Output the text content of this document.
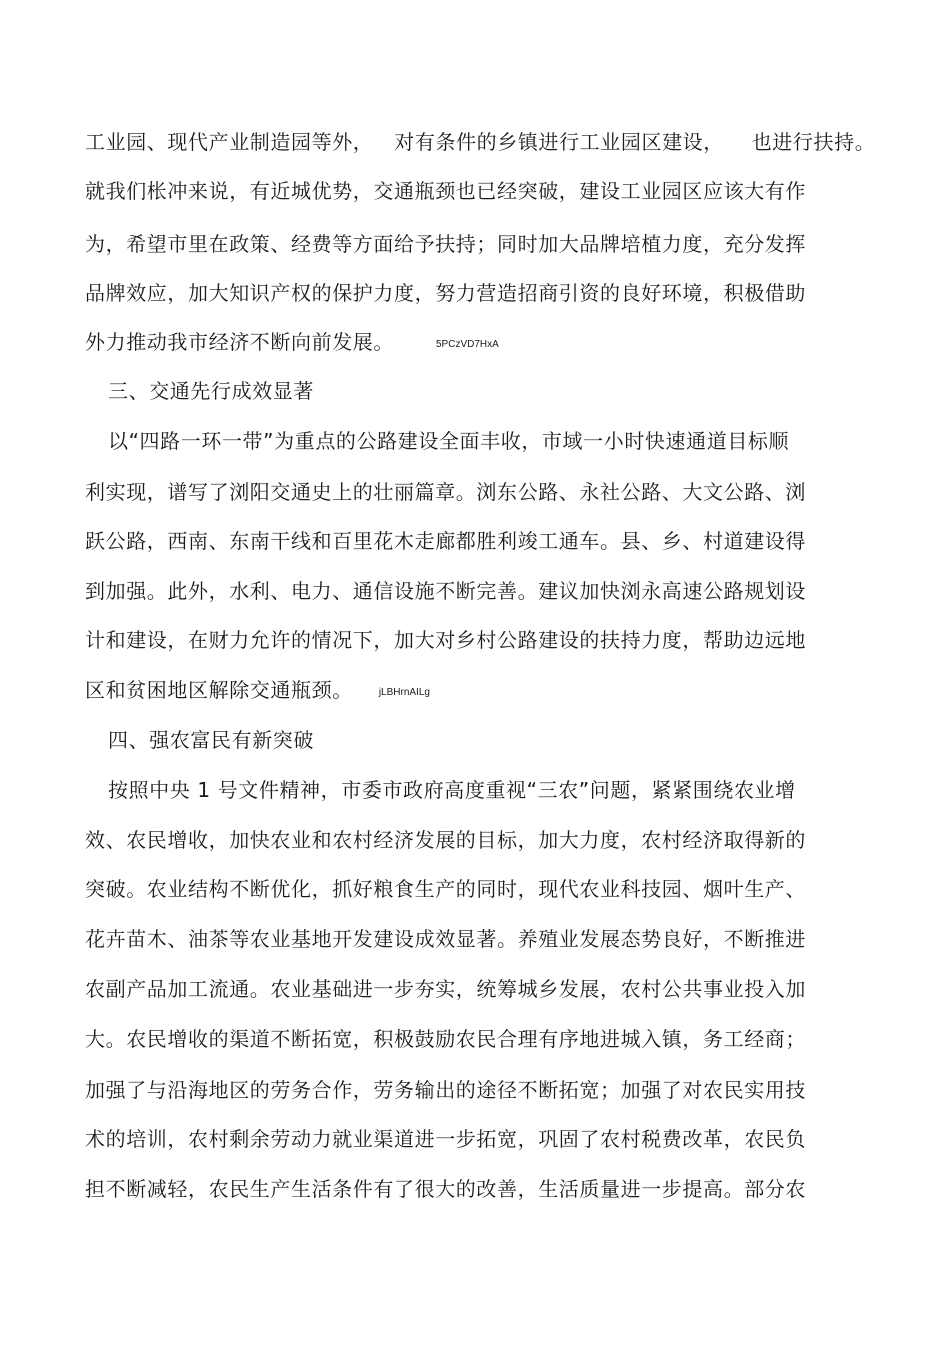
工业园、现代产业制造园等外，   对有条件的乡镇进行工业园区建设，    也进行扶持。
就我们枨冲来说，有近城优势，交通瓶颈也已经突破，建设工业园区应该大有作
为，希望市里在政策、经费等方面给予扶持；同时加大品牌培植力度，充分发挥
品牌效应，加大知识产权的保护力度，努力营造招商引资的良好环境，积极借助
外力推动我市经济不断向前发展。	5PCzVD7HxA
三、交通先行成效显著
以“四路一环一带”为重点的公路建设全面丰收，市域一小时快速通道目标顺
利实现，谱写了浏阳交通史上的壮丽篇章。浏东公路、永社公路、大文公路、浏
跃公路，西南、东南干线和百里花木走廊都胜利竣工通车。县、乡、村道建设得
到加强。此外，水利、电力、通信设施不断完善。建议加快浏永高速公路规划设
计和建设，在财力允许的情况下，加大对乡村公路建设的扶持力度，帮助边远地
区和贫困地区解除交通瓶颈。	jLBHrnAILg
四、强农富民有新突破
按照中央 1 号文件精神，市委市政府高度重视“三农”问题，紧紧围绕农业增
效、农民增收，加快农业和农村经济发展的目标，加大力度，农村经济取得新的
突破。农业结构不断优化，抓好粮食生产的同时，现代农业科技园、烟叶生产、
花卉苗木、油茶等农业基地开发建设成效显著。养殖业发展态势良好，不断推进
农副产品加工流通。农业基础进一步夯实，统筹城乡发展，农村公共事业投入加
大。农民增收的渠道不断拓宽，积极鼓励农民合理有序地进城入镇，务工经商；
加强了与沿海地区的劳务合作，劳务输出的途径不断拓宽；加强了对农民实用技
术的培训，农村剩余劳动力就业渠道进一步拓宽，巩固了农村税费改革，农民负
担不断减轻，农民生产生活条件有了很大的改善，生活质量进一步提高。部分农
